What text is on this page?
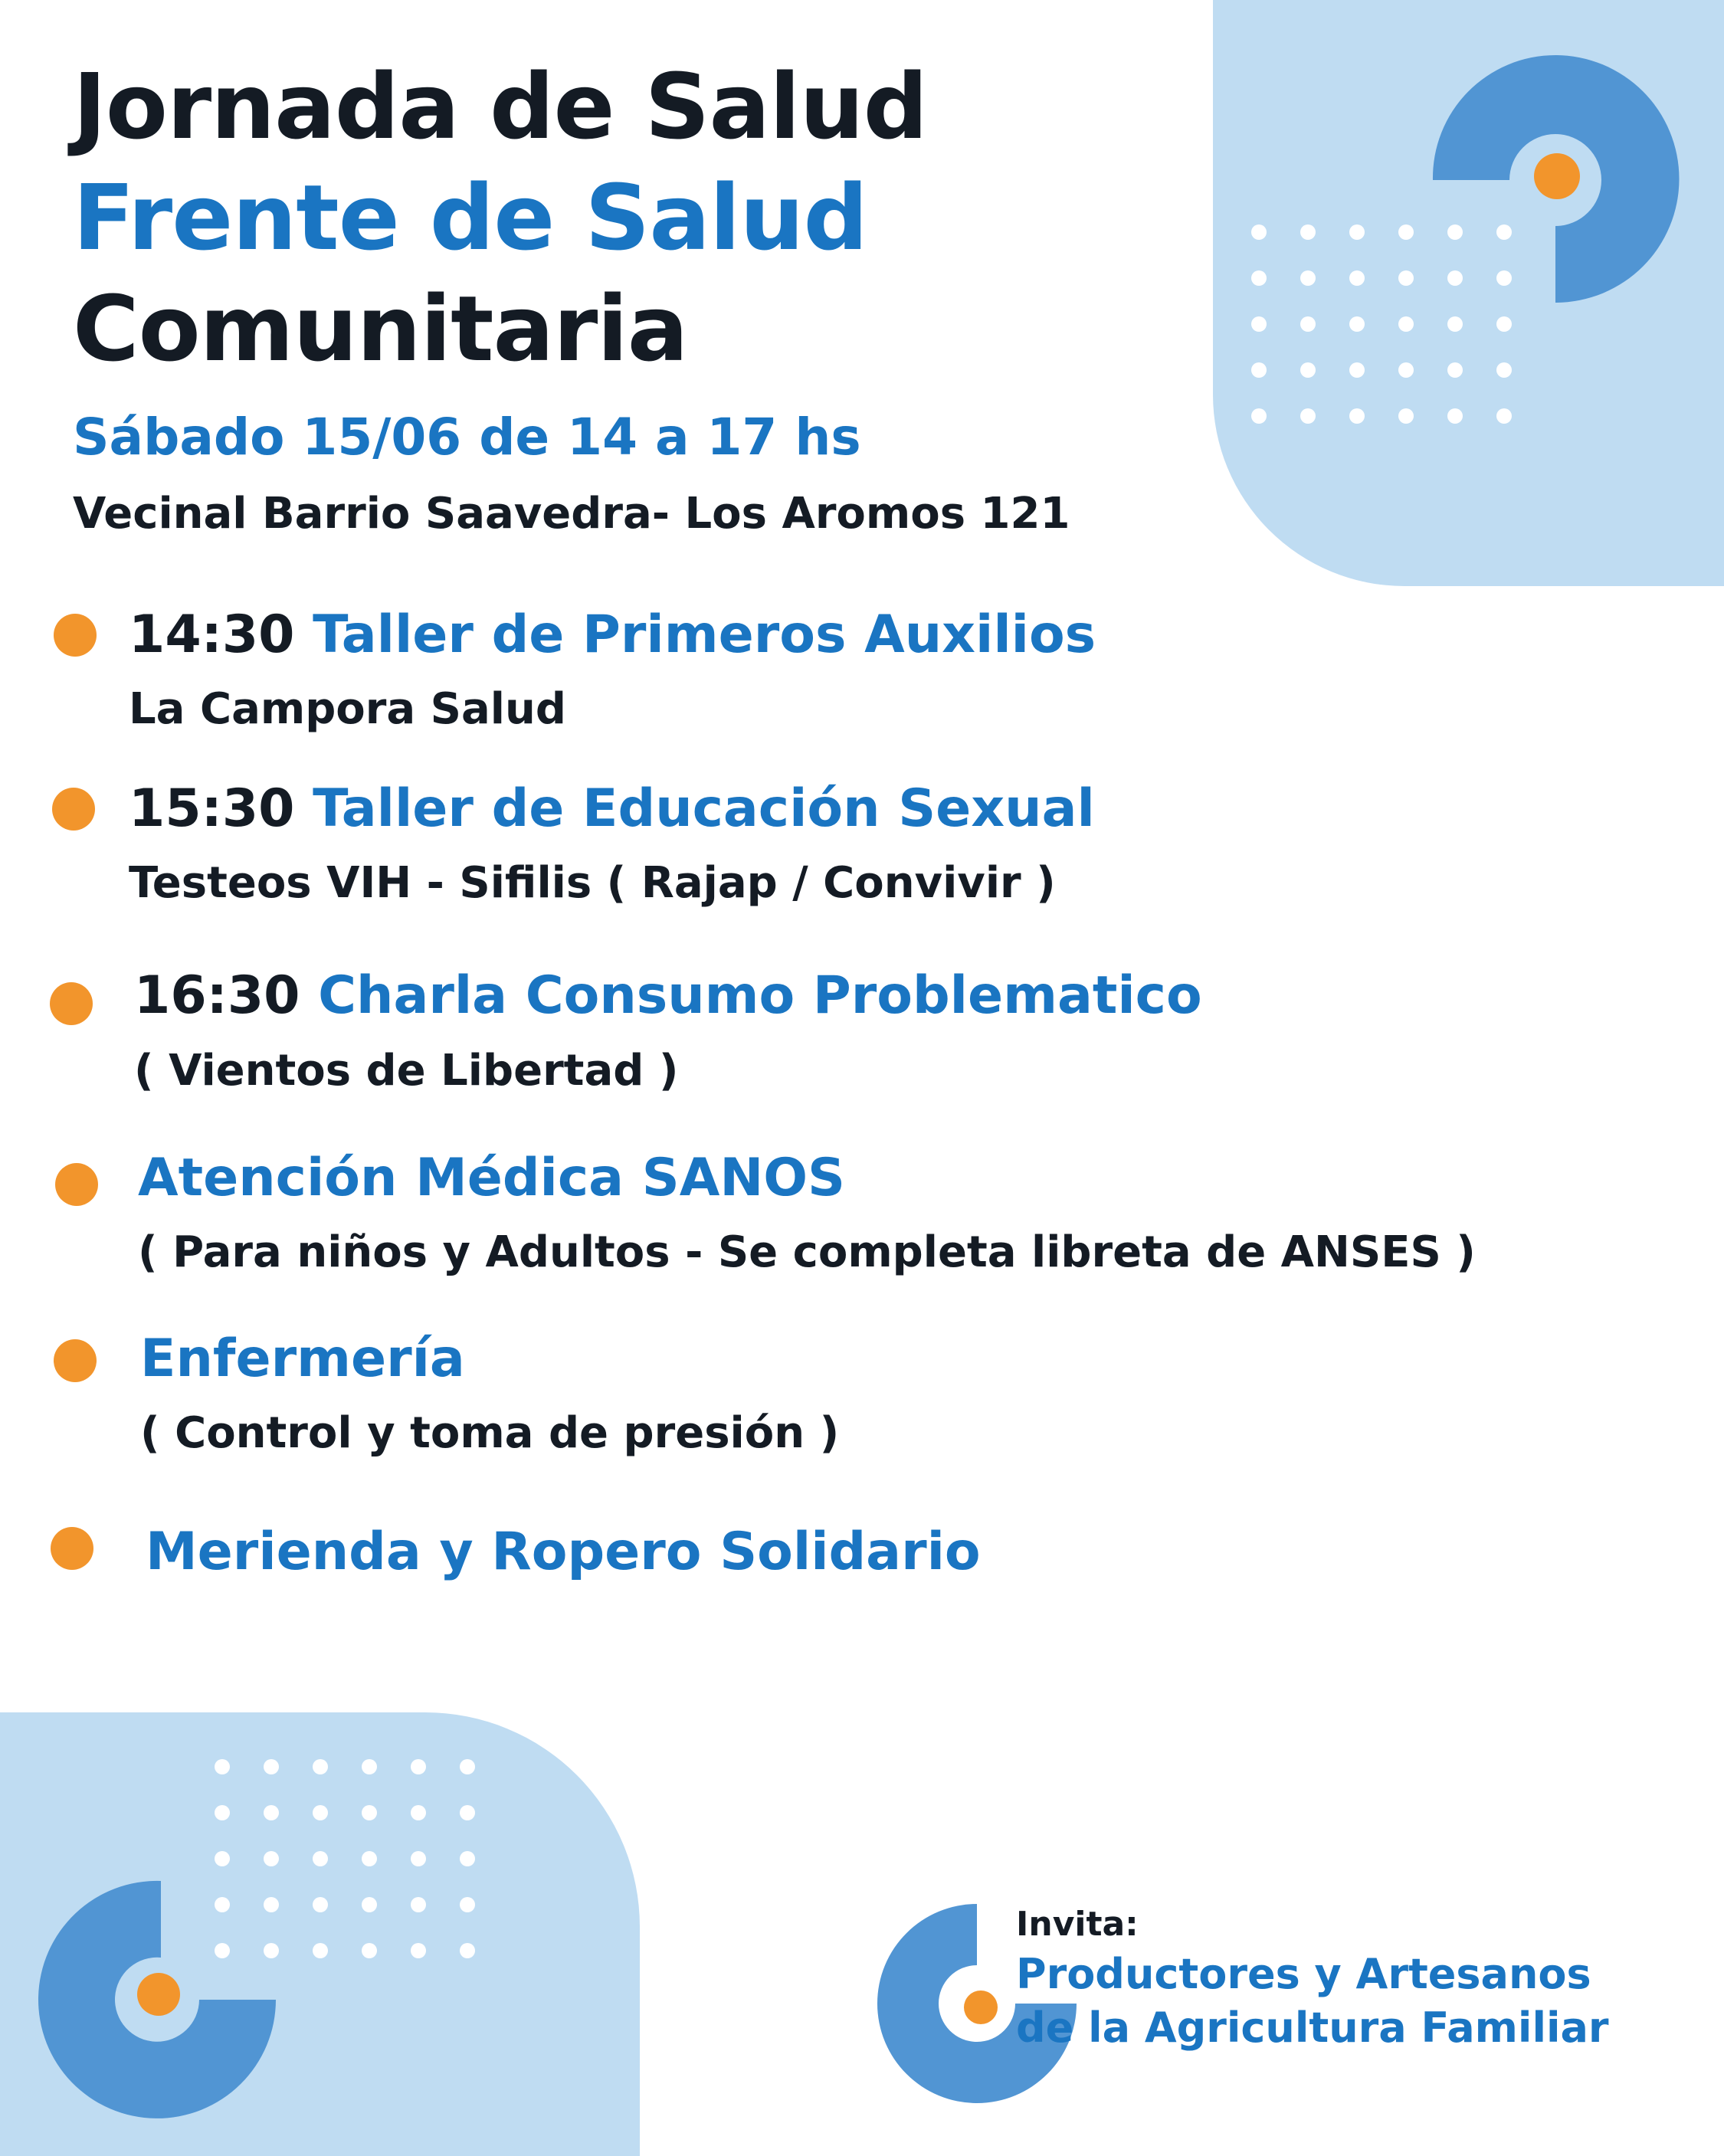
Jornada de Salud
Frente de Salud
Comunitaria

Sábado 15/06 de 14 a 17 hs

Vecinal Barrio Saavedra- Los Aromos 121

14:30 Taller de Primeros Auxilios

La Campora Salud

15:30 Taller de Educación Sexual

Testeos VIH - Sifilis ( Rajap / Convivir )

16:30 Charla Consumo Problematico

( Vientos de Libertad )

Atención Médica SANOS

( Para niños y Adultos - Se completa libreta de ANSES )

Enfermería

( Control y toma de presión )

Merienda y Ropero Solidario

Invita:
Productores y Artesanos
de la Agricultura Familiar
